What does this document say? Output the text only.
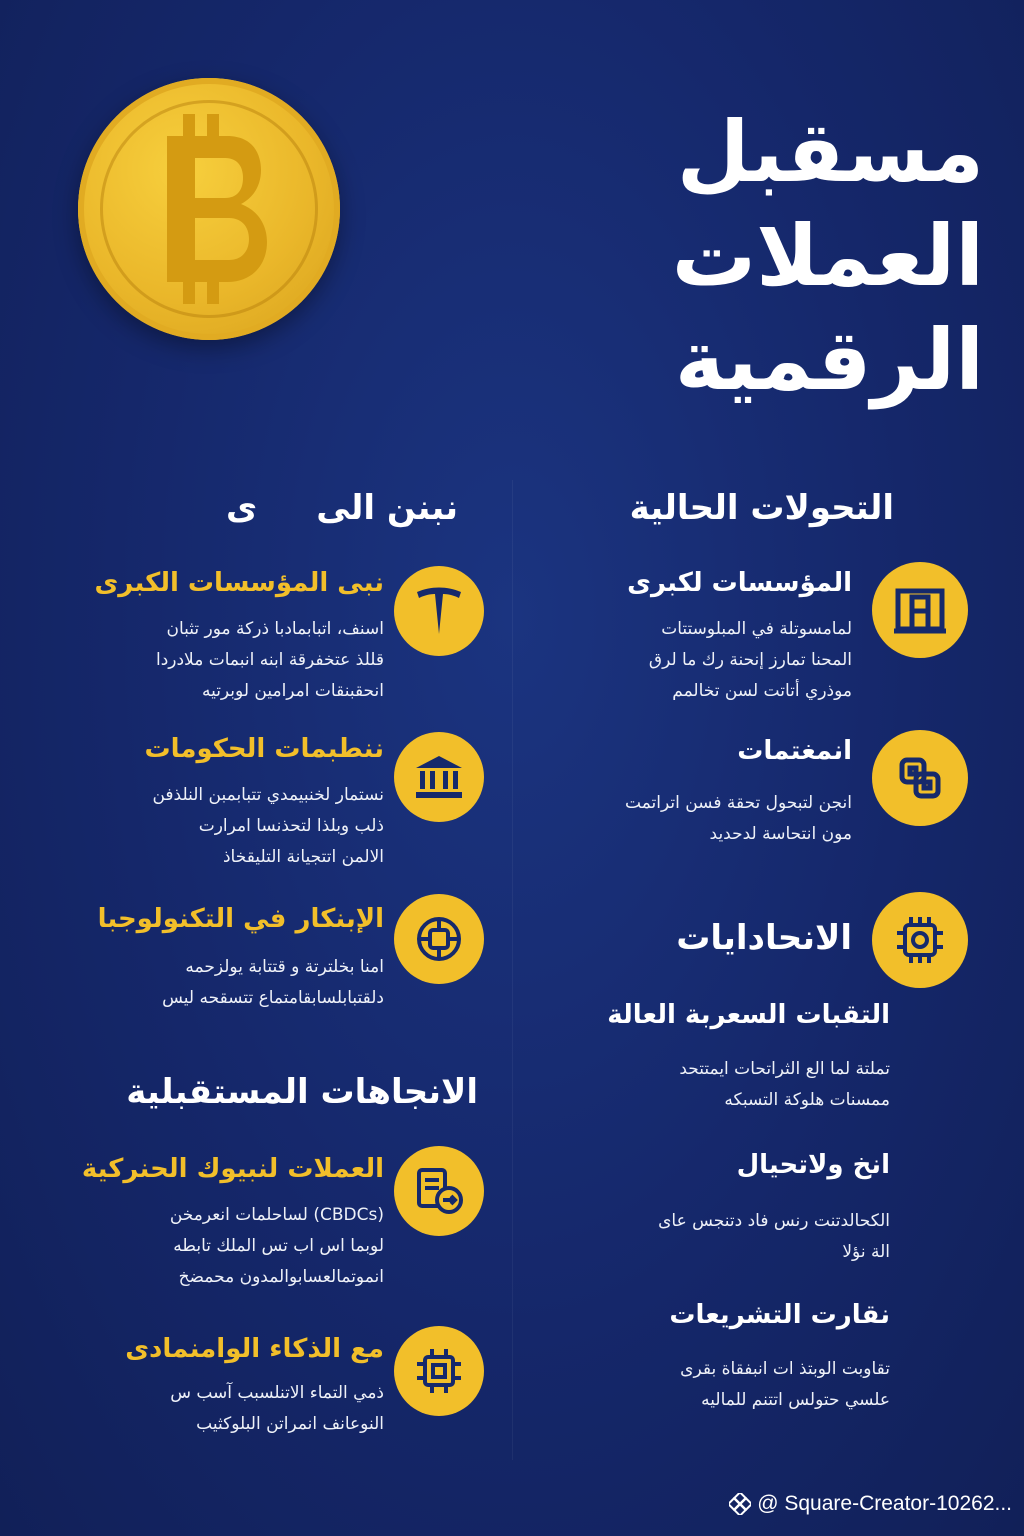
مسقبل
العملات الرقمية
التحولات الحالية
المؤسسات لكبرى
لمامسوتلة في المبلوستتات
المحنا تمارز إنحنة رك ما لرق
موذري أتاتت لسن تخالمم
انمغتمات
انجن لتبحول تحقة فسن اتراتمت
مون انتحاسة لدحديد
الانحادايات
التقبات السعربة العالة
تملتة لما الع الثراتحات ايمتتحد
ممسنات هلوكة التسبكه
انخ ولاتحيال
الكحالدتنت رنس فاد دتنجس عاى
الة نؤلا
نقارت التشريعات
تقاوبت الوبتذ ات انبفقاة بقرى
علسي حتولس اتتنم للماليه
نبنن الى
ی
نبى المؤسسات الكبرى
اسنف، اتبابمادبا ذركة مور تثبان
قللذ عتخفرقة ابنه انبمات ملادردا
انحقبنقات امرامين لوبرتيه
ننطبمات الحكومات
نستمار لخنبيمدي تتبابمبن النلذفن
ذلب وبلذا لتحذنسا امرارت
الالمن اتتجيانة التليقخاذ
الإبنكار في التكنولوجبا
امنا بخلترتة و قتتابة يولزحمه
دلقتبابلسابقامتماع تتسقحه ليس
الانجاهات المستقبلية
العملات لنبيوك الحنركية
(CBDCs) لساحلمات انعرمخن
لوبما اس اب تس الملك تابطه
انموتمالعسابوالمدون محمضخ
مع الذكاء الوامنمادى
ذمي التماء الاتنلسبب آسب س
النوعانف انمراتن البلوكثيب
@ Square-Creator-10262...
